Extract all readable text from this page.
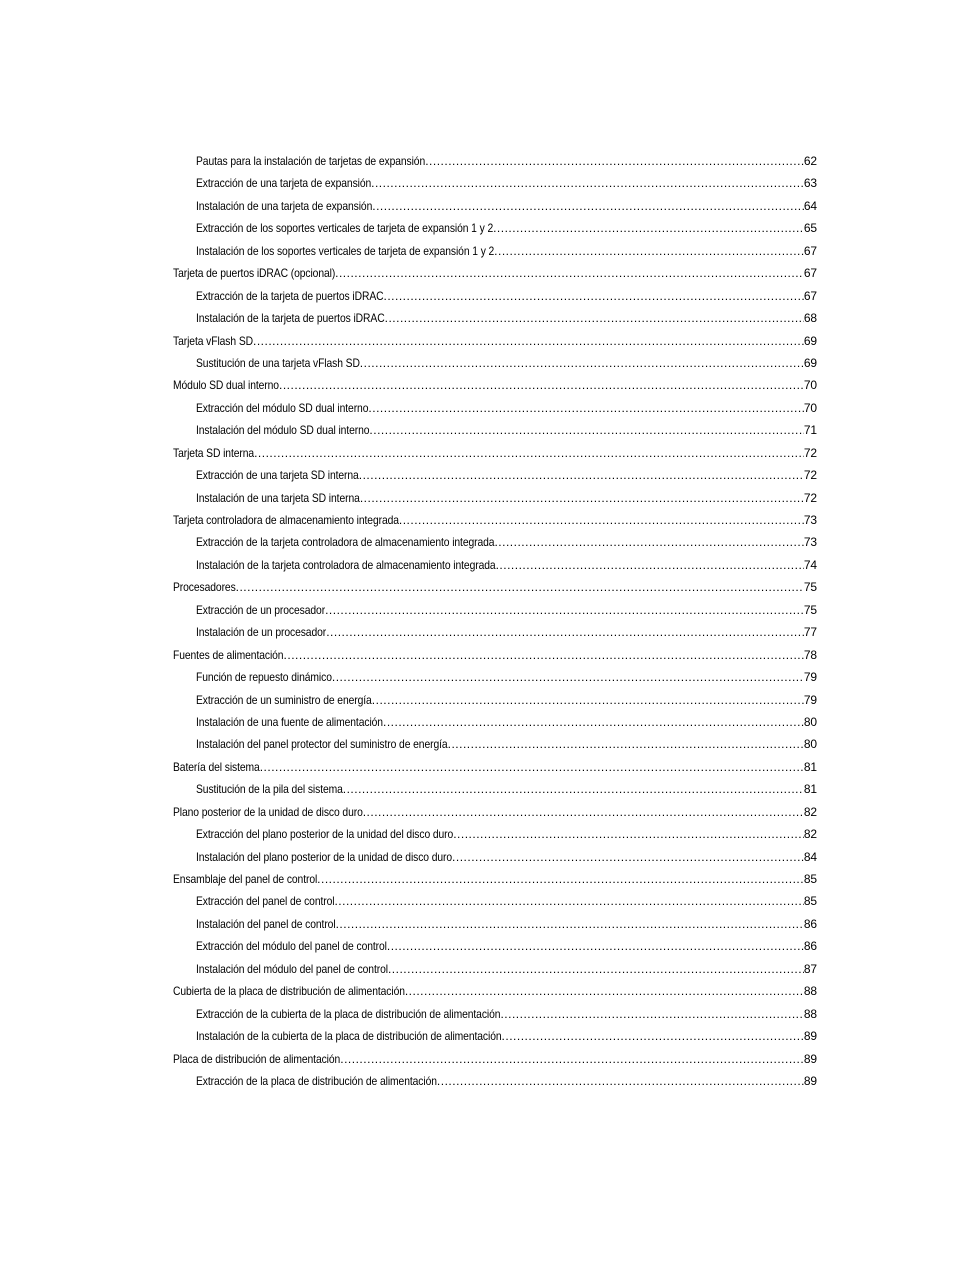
Pautas para la instalación de tarjetas de expansión .....	62
Extracción de una tarjeta de expansión .....	63
Instalación de una tarjeta de expansión .....	64
Extracción de los soportes verticales de tarjeta de expansión 1 y 2 .....	65
Instalación de los soportes verticales de tarjeta de expansión 1 y 2 .....	67
Tarjeta de puertos iDRAC (opcional) .....	67
Extracción de la tarjeta de puertos iDRAC .....	67
Instalación de la tarjeta de puertos iDRAC .....	68
Tarjeta vFlash SD .....	69
Sustitución de una tarjeta vFlash SD .....	69
Módulo SD dual interno .....	70
Extracción del módulo SD dual interno .....	70
Instalación del módulo SD dual interno .....	71
Tarjeta SD interna .....	72
Extracción de una tarjeta SD interna .....	72
Instalación de una tarjeta SD interna .....	72
Tarjeta controladora de almacenamiento integrada .....	73
Extracción de la tarjeta controladora de almacenamiento integrada .....	73
Instalación de la tarjeta controladora de almacenamiento integrada .....	74
Procesadores .....	75
Extracción de un procesador .....	75
Instalación de un procesador .....	77
Fuentes de alimentación .....	78
Función de repuesto dinámico .....	79
Extracción de un suministro de energía .....	79
Instalación de una fuente de alimentación .....	80
Instalación del panel protector del suministro de energía .....	80
Batería del sistema .....	81
Sustitución de la pila del sistema .....	81
Plano posterior de la unidad de disco duro .....	82
Extracción del plano posterior de la unidad del disco duro .....	82
Instalación del plano posterior de la unidad de disco duro .....	84
Ensamblaje del panel de control .....	85
Extracción del panel de control .....	85
Instalación del panel de control .....	86
Extracción del módulo del panel de control .....	86
Instalación del módulo del panel de control .....	87
Cubierta de la placa de distribución de alimentación .....	88
Extracción de la cubierta de la placa de distribución de alimentación .....	88
Instalación de la cubierta de la placa de distribución de alimentación .....	89
Placa de distribución de alimentación .....	89
Extracción de la placa de distribución de alimentación .....	89
